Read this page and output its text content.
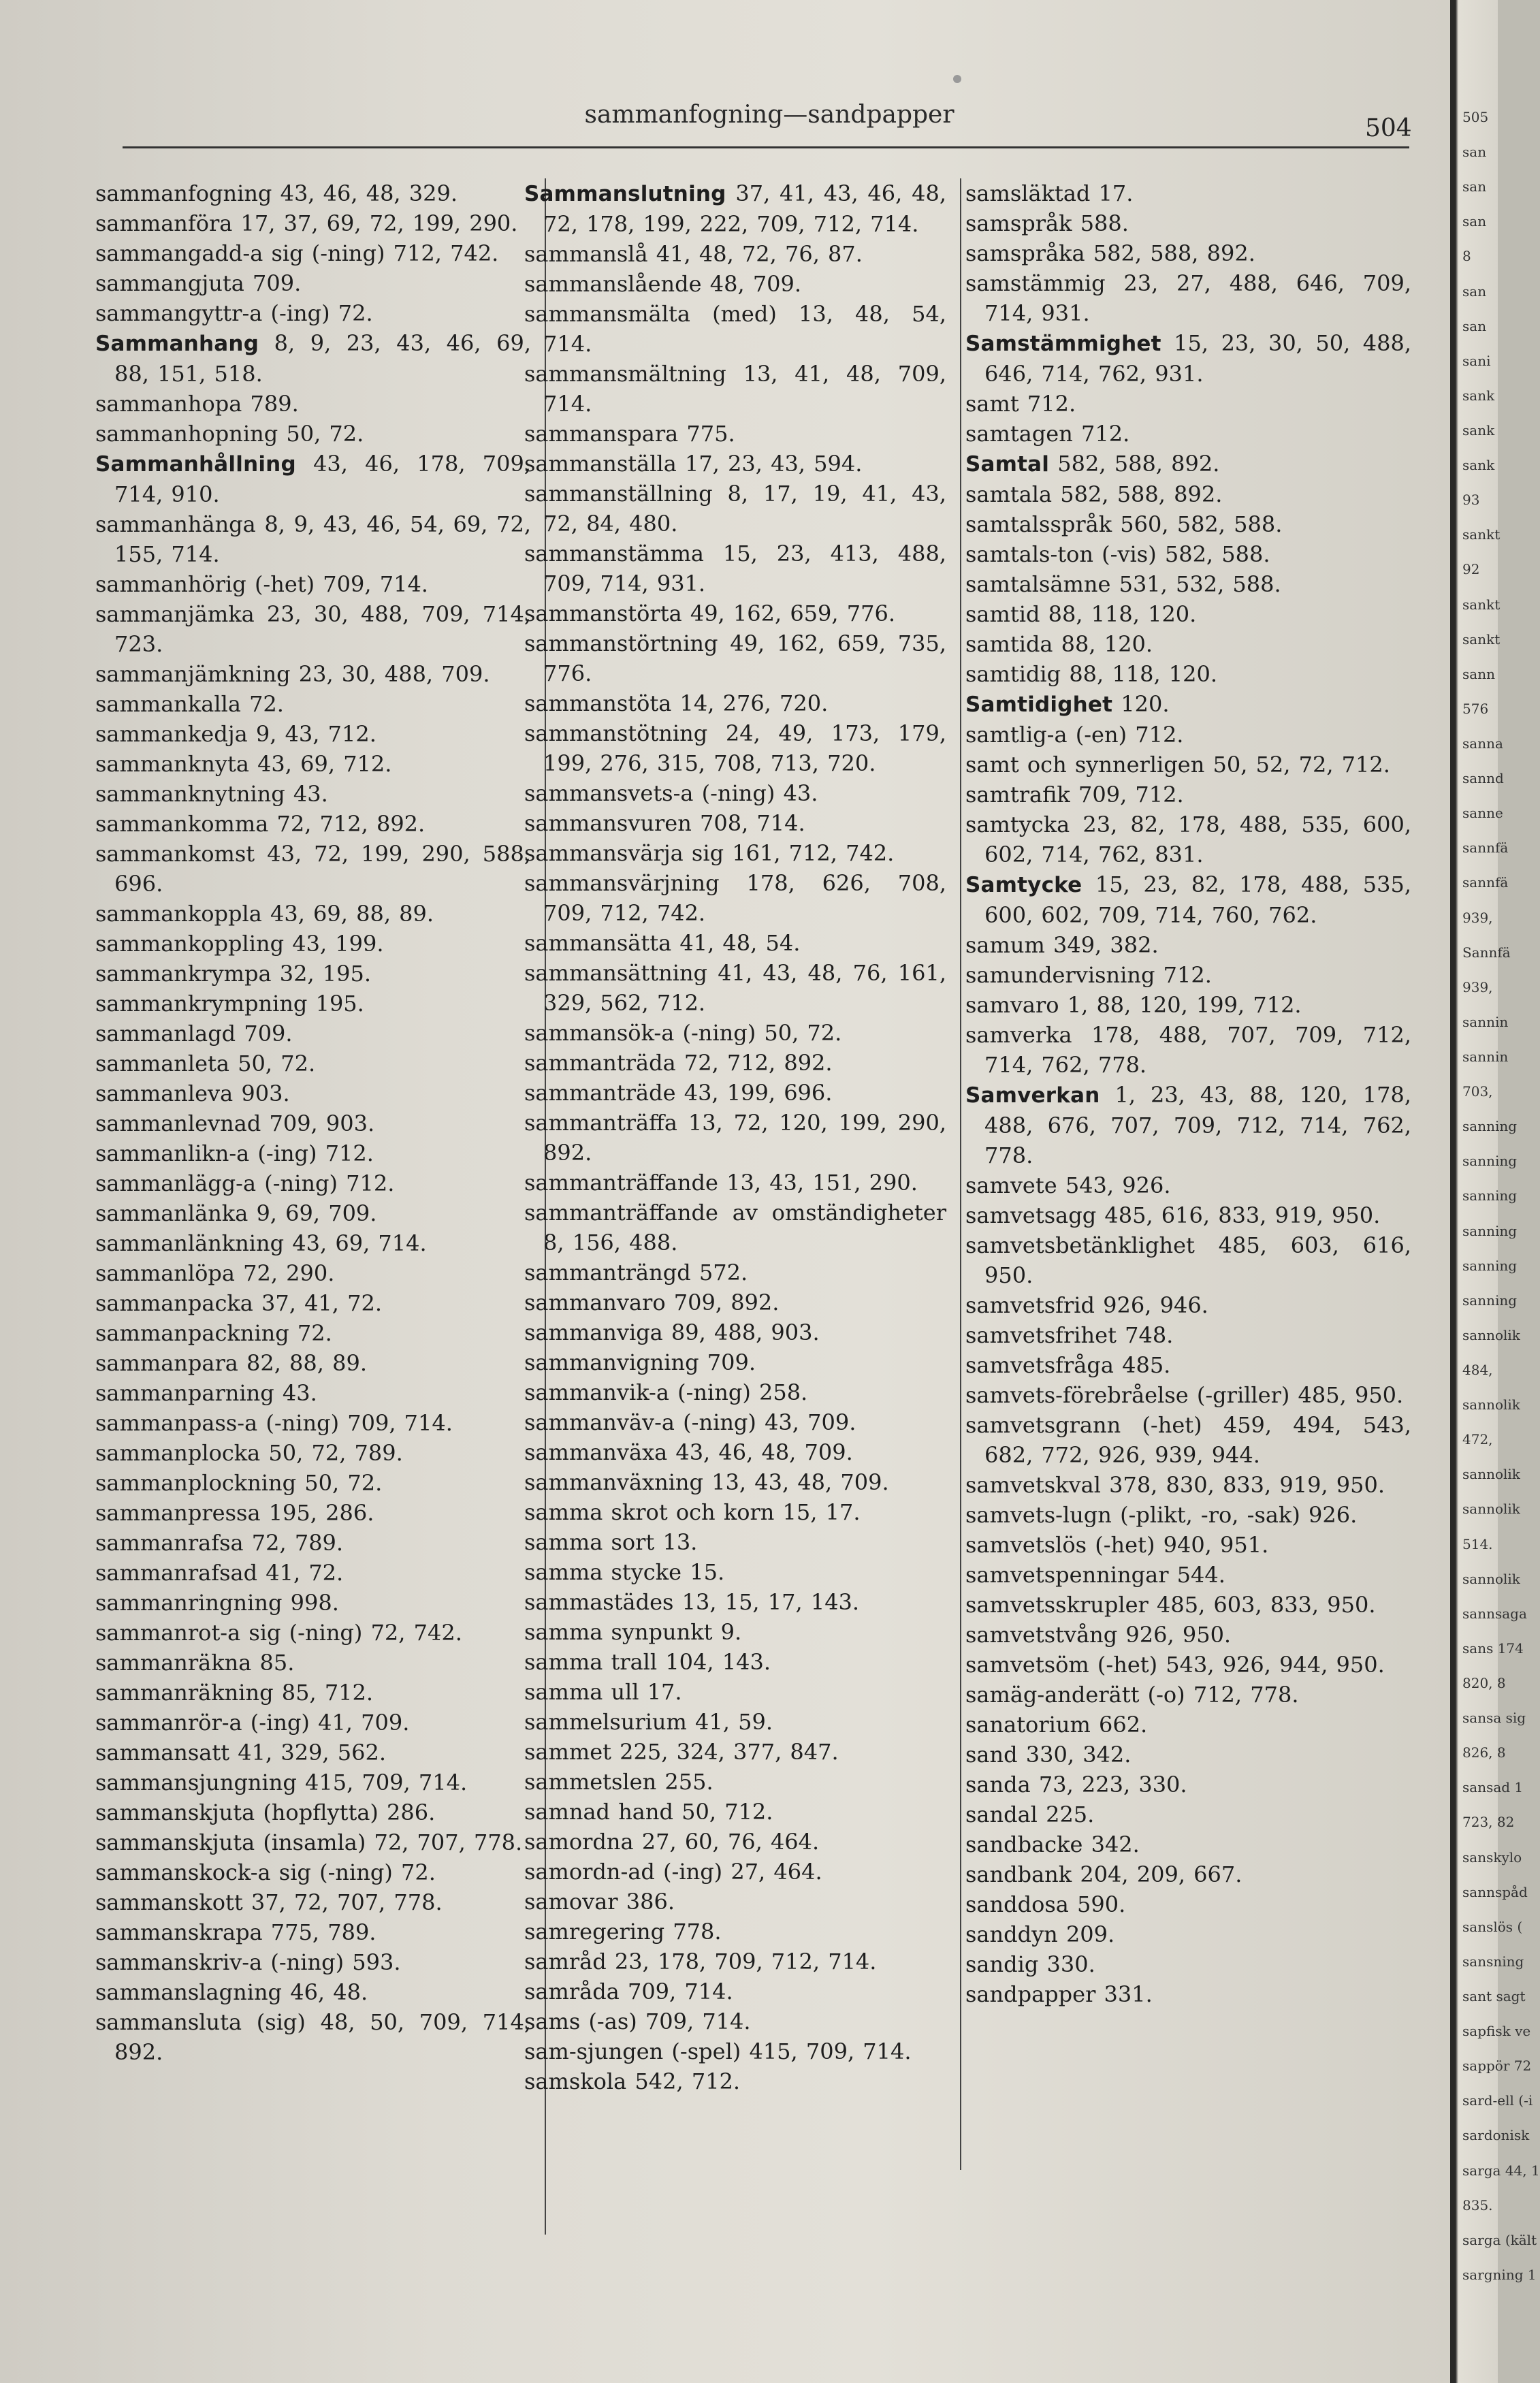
sammanfogning—sandpapper	504
sammanfogning 43, 46, 48, 329.
sammanföra 17, 37, 69, 72, 199, 290.
sammangadd-a sig (-ning) 712, 742.
sammangjuta 709.
sammangyttr-a (-ing) 72.
Sammanhang 8, 9, 23, 43, 46, 69, 88, 151, 518.
sammanhopa 789.
sammanhopning 50, 72.
Sammanhållning 43, 46, 178, 709, 714, 910.
sammanhänga 8, 9, 43, 46, 54, 69, 72, 155, 714.
sammanhörig (-het) 709, 714.
sammanjämka 23, 30, 488, 709, 714, 723.
sammanjämkning 23, 30, 488, 709.
sammankalla 72.
sammankedja 9, 43, 712.
sammanknyta 43, 69, 712.
sammanknytning 43.
sammankomma 72, 712, 892.
sammankomst 43, 72, 199, 290, 588, 696.
sammankoppla 43, 69, 88, 89.
sammankoppling 43, 199.
sammankrympa 32, 195.
sammankrympning 195.
sammanlagd 709.
sammanleta 50, 72.
sammanleva 903.
sammanlevnad 709, 903.
sammanlikn-a (-ing) 712.
sammanlägg-a (-ning) 712.
sammanlänka 9, 69, 709.
sammanlänkning 43, 69, 714.
sammanlöpa 72, 290.
sammanpacka 37, 41, 72.
sammanpackning 72.
sammanpara 82, 88, 89.
sammanparning 43.
sammanpass-a (-ning) 709, 714.
sammanplocka 50, 72, 789.
sammanplockning 50, 72.
sammanpressa 195, 286.
sammanrafsa 72, 789.
sammanrafsad 41, 72.
sammanringning 998.
sammanrot-a sig (-ning) 72, 742.
sammanräkna 85.
sammanräkning 85, 712.
sammanrör-a (-ing) 41, 709.
sammansatt 41, 329, 562.
sammansjungning 415, 709, 714.
sammanskjuta (hopflytta) 286.
sammanskjuta (insamla) 72, 707, 778.
sammanskock-a sig (-ning) 72.
sammanskott 37, 72, 707, 778.
sammanskrapa 775, 789.
sammanskriv-a (-ning) 593.
sammanslagning 46, 48.
sammansluta (sig) 48, 50, 709, 714, 892.
Sammanslutning 37, 41, 43, 46, 48, 72, 178, 199, 222, 709, 712, 714.
sammanslå 41, 48, 72, 76, 87.
sammanslående 48, 709.
sammansmälta (med) 13, 48, 54, 714.
sammansmältning 13, 41, 48, 709, 714.
sammanspara 775.
sammanställa 17, 23, 43, 594.
sammanställning 8, 17, 19, 41, 43, 72, 84, 480.
sammanstämma 15, 23, 413, 488, 709, 714, 931.
sammanstörta 49, 162, 659, 776.
sammanstörtning 49, 162, 659, 735, 776.
sammanstöta 14, 276, 720.
sammanstötning 24, 49, 173, 179, 199, 276, 315, 708, 713, 720.
sammansvets-a (-ning) 43.
sammansvuren 708, 714.
sammansvärja sig 161, 712, 742.
sammansvärjning 178, 626, 708, 709, 712, 742.
sammansätta 41, 48, 54.
sammansättning 41, 43, 48, 76, 161, 329, 562, 712.
sammansök-a (-ning) 50, 72.
sammanträda 72, 712, 892.
sammanträde 43, 199, 696.
sammanträffa 13, 72, 120, 199, 290, 892.
sammanträffande 13, 43, 151, 290.
sammanträffande av omständigheter 8, 156, 488.
sammanträngd 572.
sammanvaro 709, 892.
sammanviga 89, 488, 903.
sammanvigning 709.
sammanvik-a (-ning) 258.
sammanväv-a (-ning) 43, 709.
sammanväxa 43, 46, 48, 709.
sammanväxning 13, 43, 48, 709.
samma skrot och korn 15, 17.
samma sort 13.
samma stycke 15.
sammastädes 13, 15, 17, 143.
samma synpunkt 9.
samma trall 104, 143.
samma ull 17.
sammelsurium 41, 59.
sammet 225, 324, 377, 847.
sammetslen 255.
samnad hand 50, 712.
samordna 27, 60, 76, 464.
samordn-ad (-ing) 27, 464.
samovar 386.
samregering 778.
samråd 23, 178, 709, 712, 714.
samråda 709, 714.
sams (-as) 709, 714.
sam-sjungen (-spel) 415, 709, 714.
samskola 542, 712.
samsläktad 17.
samspråk 588.
samspråka 582, 588, 892.
samstämmig 23, 27, 488, 646, 709, 714, 931.
Samstämmighet 15, 23, 30, 50, 488, 646, 714, 762, 931.
samt 712.
samtagen 712.
Samtal 582, 588, 892.
samtala 582, 588, 892.
samtalsspråk 560, 582, 588.
samtals-ton (-vis) 582, 588.
samtalsämne 531, 532, 588.
samtid 88, 118, 120.
samtida 88, 120.
samtidig 88, 118, 120.
Samtidighet 120.
samtlig-a (-en) 712.
samt och synnerligen 50, 52, 72, 712.
samtrafik 709, 712.
samtycka 23, 82, 178, 488, 535, 600, 602, 714, 762, 831.
Samtycke 15, 23, 82, 178, 488, 535, 600, 602, 709, 714, 760, 762.
samum 349, 382.
samundervisning 712.
samvaro 1, 88, 120, 199, 712.
samverka 178, 488, 707, 709, 712, 714, 762, 778.
Samverkan 1, 23, 43, 88, 120, 178, 488, 676, 707, 709, 712, 714, 762, 778.
samvete 543, 926.
samvetsagg 485, 616, 833, 919, 950.
samvetsbetänklighet 485, 603, 616, 950.
samvetsfrid 926, 946.
samvetsfrihet 748.
samvetsfråga 485.
samvets-förebråelse (-griller) 485, 950.
samvetsgrann (-het) 459, 494, 543, 682, 772, 926, 939, 944.
samvetskval 378, 830, 833, 919, 950.
samvets-lugn (-plikt, -ro, -sak) 926.
samvetslös (-het) 940, 951.
samvetspenningar 544.
samvetsskrupler 485, 603, 833, 950.
samvetstvång 926, 950.
samvetsöm (-het) 543, 926, 944, 950.
samäg-anderätt (-o) 712, 778.
sanatorium 662.
sand 330, 342.
sanda 73, 223, 330.
sandal 225.
sandbacke 342.
sandbank 204, 209, 667.
sanddosa 590.
sanddyn 209.
sandig 330.
sandpapper 331.
505
san
san
san
8
san
san
sani
sank
sank
sank
93
sankt
92
sankt
sankt
sann
576
sanna
sannd
sanne
sannfä
sannfä
939,
Sannfä
939,
sannin
sannin
703,
sanning
sanning
sanning
sanning
sanning
sanning
sannolik
484,
sannolik
472,
sannolik
sannolik
514.
sannolik
sannsaga
sans 174
820, 8
sansa sig
826, 8
sansad 1
723, 82
sanskylo
sannspåd
sanslös (
sansning
sant sagt
sapfisk ve
sappör 72
sard-ell (-i
sardonisk
sarga 44, 1
835.
sarga (kält
sargning 1
